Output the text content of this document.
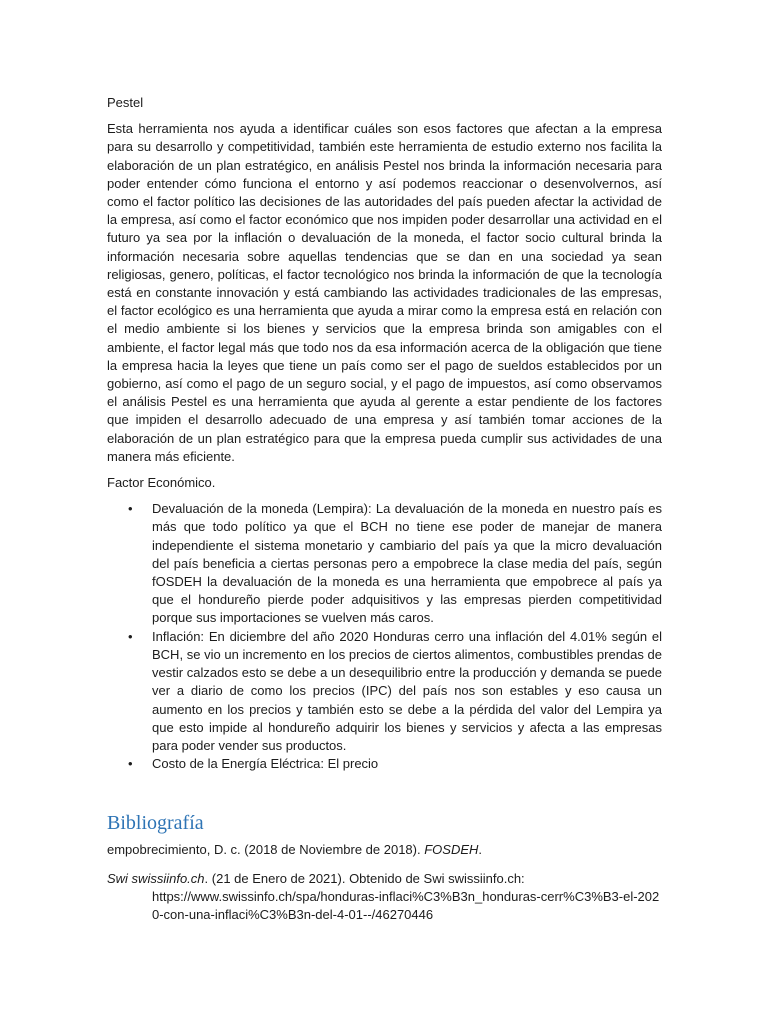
Pestel

Esta herramienta nos ayuda a identificar cuáles son esos factores que afectan a la empresa para su desarrollo y competitividad, también este herramienta de estudio externo nos facilita la elaboración de un plan estratégico, en análisis Pestel nos brinda la información necesaria para poder entender cómo funciona el entorno y así podemos reaccionar o desenvolvernos, así como el factor político las decisiones de las autoridades del país pueden afectar la actividad de la empresa, así como el factor económico que nos impiden poder desarrollar una actividad en el futuro ya sea por la inflación o devaluación de la moneda, el factor socio cultural brinda la información necesaria sobre aquellas tendencias que se dan en una sociedad ya sean religiosas, genero, políticas, el factor tecnológico nos brinda la información de que la tecnología está en constante innovación y está cambiando las actividades tradicionales de las empresas, el factor ecológico es una herramienta que ayuda a mirar como la empresa está en relación con el medio ambiente si los bienes y servicios que la empresa brinda son amigables con el ambiente, el factor legal más que todo nos da esa información acerca de la obligación que tiene la empresa hacia la leyes que tiene un país como ser el pago de sueldos establecidos por un gobierno, así como el pago de un seguro social, y el pago de impuestos, así como observamos el análisis Pestel es una herramienta que ayuda al gerente a estar pendiente de los factores que impiden el desarrollo adecuado de una empresa y así también tomar acciones de la elaboración de un plan estratégico para que la empresa pueda cumplir sus actividades de una manera más eficiente.

Factor Económico.

• Devaluación de la moneda (Lempira): La devaluación de la moneda en nuestro país es más que todo político ya que el BCH no tiene ese poder de manejar de manera independiente el sistema monetario y cambiario del país ya que la micro devaluación del país beneficia a ciertas personas pero a empobrece la clase media del país, según fOSDEH la devaluación de la moneda es una herramienta que empobrece al país ya que el hondureño pierde poder adquisitivos y las empresas pierden competitividad porque sus importaciones se vuelven más caros.
• Inflación: En diciembre del año 2020 Honduras cerro una inflación del 4.01% según el BCH, se vio un incremento en los precios de ciertos alimentos, combustibles prendas de vestir calzados esto se debe a un desequilibrio entre la producción y demanda se puede ver a diario de como los precios (IPC) del país nos son estables y eso causa un aumento en los precios y también esto se debe a la pérdida del valor del Lempira ya que esto impide al hondureño adquirir los bienes y servicios y afecta a las empresas para poder vender sus productos.
• Costo de la Energía Eléctrica: El precio

Bibliografía

empobrecimiento, D. c. (2018 de Noviembre de 2018). FOSDEH.

Swi swissiinfo.ch. (21 de Enero de 2021). Obtenido de Swi swissiinfo.ch:
https://www.swissinfo.ch/spa/honduras-inflaci%C3%B3n_honduras-cerr%C3%B3-el-2020-con-una-inflaci%C3%B3n-del-4-01--/46270446
